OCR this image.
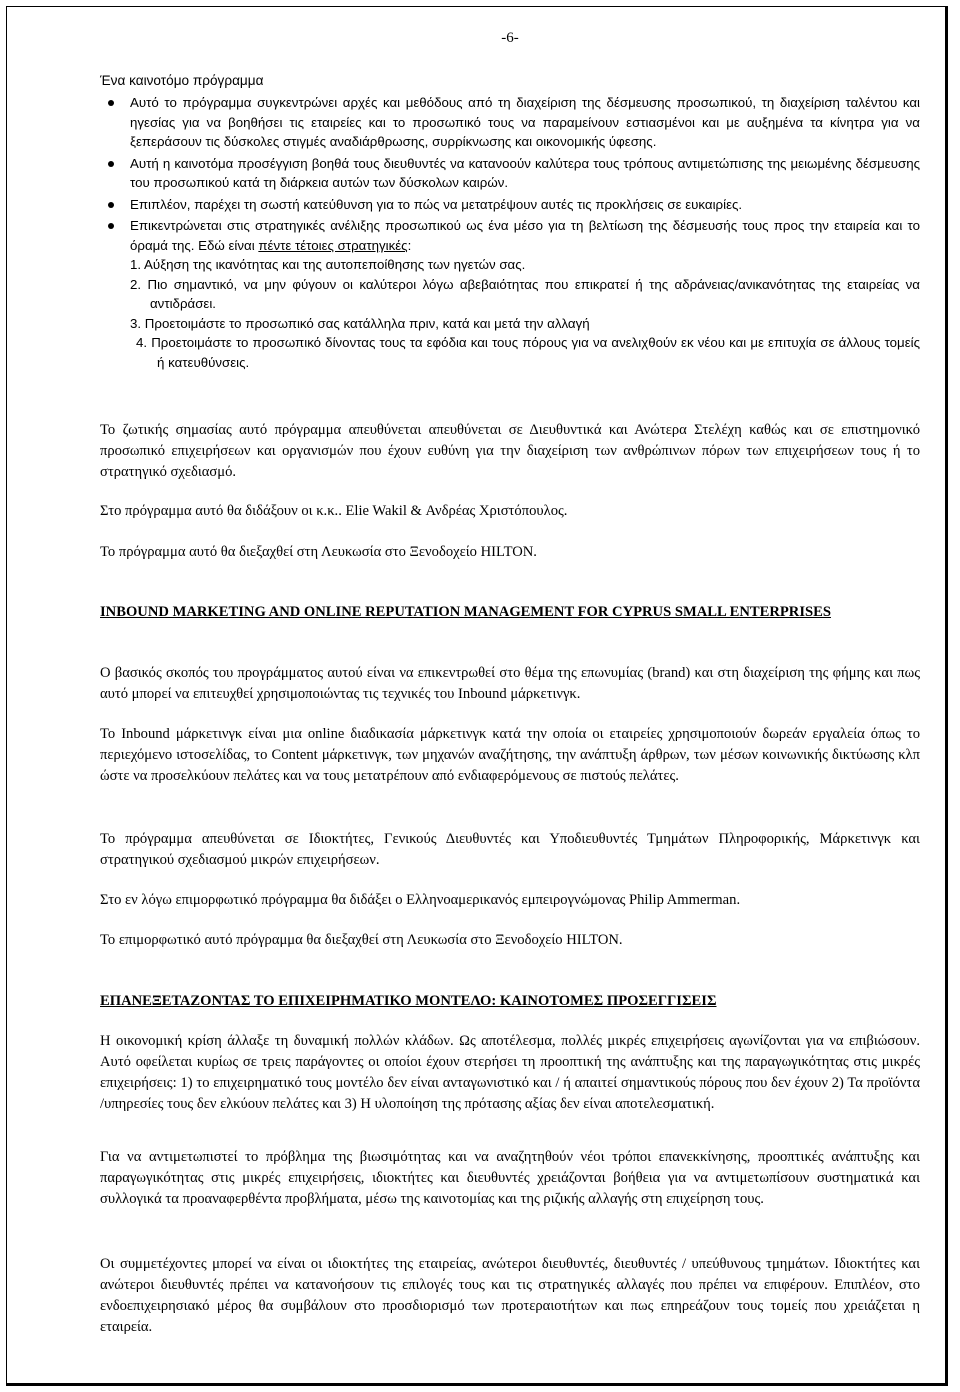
-6-
Ένα καινοτόμο πρόγραμμα
Αυτό το πρόγραμμα συγκεντρώνει αρχές και μεθόδους από τη διαχείριση της δέσμευσης προσωπικού, τη διαχείριση ταλέντου και ηγεσίας για να βοηθήσει τις εταιρείες και το προσωπικό τους να παραμείνουν εστιασμένοι και με αυξημένα τα κίνητρα για να ξεπεράσουν τις δύσκολες στιγμές αναδιάρθρωσης, συρρίκνωσης και οικονομικής ύφεσης.
Αυτή η καινοτόμα προσέγγιση βοηθά τους διευθυντές να κατανοούν καλύτερα τους τρόπους αντιμετώπισης της μειωμένης δέσμευσης του προσωπικού κατά τη διάρκεια αυτών των δύσκολων καιρών.
Επιπλέον, παρέχει τη σωστή κατεύθυνση για το πώς να μετατρέψουν αυτές τις προκλήσεις σε ευκαιρίες.
Επικεντρώνεται στις στρατηγικές ανέλιξης προσωπικού ως ένα μέσο για τη βελτίωση της δέσμευσής τους προς την εταιρεία και το όραμά της. Εδώ είναι πέντε τέτοιες στρατηγικές:
1. Αύξηση της ικανότητας και της αυτοπεποίθησης των ηγετών σας.
2. Πιο σημαντικό, να μην φύγουν οι καλύτεροι λόγω αβεβαιότητας που επικρατεί ή της αδράνειας/ανικανότητας της εταιρείας να αντιδράσει.
3. Προετοιμάστε το προσωπικό σας κατάλληλα πριν, κατά και μετά την αλλαγή
4. Προετοιμάστε το προσωπικό δίνοντας τους τα εφόδια και τους πόρους για να ανελιχθούν εκ νέου και με επιτυχία σε άλλους τομείς ή κατευθύνσεις.
Το ζωτικής σημασίας αυτό πρόγραμμα απευθύνεται απευθύνεται σε Διευθυντικά και Ανώτερα Στελέχη καθώς και σε επιστημονικό προσωπικό επιχειρήσεων και οργανισμών που έχουν ευθύνη για την διαχείριση των ανθρώπινων πόρων των επιχειρήσεων τους ή το στρατηγικό σχεδιασμό.
Στο πρόγραμμα αυτό θα διδάξουν οι κ.κ.. Elie Wakil & Ανδρέας Χριστόπουλος.
Το πρόγραμμα αυτό θα διεξαχθεί στη Λευκωσία στο Ξενοδοχείο HILTON.
INBOUND MARKETING AND ONLINE REPUTATION MANAGEMENT FOR CYPRUS SMALL ENTERPRISES
Ο βασικός σκοπός του προγράμματος αυτού είναι να επικεντρωθεί στο θέμα της επωνυμίας (brand) και στη διαχείριση της φήμης και πως αυτό μπορεί να επιτευχθεί χρησιμοποιώντας τις τεχνικές του Inbound μάρκετινγκ.
Το Inbound μάρκετινγκ είναι μια online διαδικασία μάρκετινγκ κατά την οποία οι εταιρείες χρησιμοποιούν δωρεάν εργαλεία όπως το περιεχόμενο ιστοσελίδας, το Content μάρκετινγκ, των μηχανών αναζήτησης, την ανάπτυξη άρθρων, των μέσων κοινωνικής δικτύωσης κλπ ώστε να προσελκύουν πελάτες και να τους μετατρέπουν από ενδιαφερόμενους σε πιστούς πελάτες.
Το πρόγραμμα απευθύνεται σε Ιδιοκτήτες, Γενικούς Διευθυντές και Υποδιευθυντές Τμημάτων Πληροφορικής, Μάρκετινγκ και στρατηγικού σχεδιασμού μικρών επιχειρήσεων.
Στο εν λόγω επιμορφωτικό πρόγραμμα θα διδάξει ο Ελληνοαμερικανός εμπειρογνώμονας Philip Ammerman.
Το επιμορφωτικό αυτό πρόγραμμα θα διεξαχθεί στη Λευκωσία στο Ξενοδοχείο HILTON.
ΕΠΑΝΕΞΕΤΑΖΟΝΤΑΣ ΤΟ ΕΠΙΧΕΙΡΗΜΑΤΙΚΟ ΜΟΝΤΕΛΟ: ΚΑΙΝΟΤΟΜΕΣ ΠΡΟΣΕΓΓΙΣΕΙΣ
Η οικονομική κρίση άλλαξε τη δυναμική πολλών κλάδων. Ως αποτέλεσμα, πολλές μικρές επιχειρήσεις αγωνίζονται για να επιβιώσουν. Αυτό οφείλεται κυρίως σε τρεις παράγοντες οι οποίοι έχουν στερήσει τη προοπτική της ανάπτυξης και της παραγωγικότητας στις μικρές επιχειρήσεις: 1) το επιχειρηματικό τους μοντέλο δεν είναι ανταγωνιστικό και / ή απαιτεί σημαντικούς πόρους που δεν έχουν 2) Τα προϊόντα /υπηρεσίες τους δεν ελκύουν πελάτες και 3) Η υλοποίηση της πρότασης αξίας δεν είναι αποτελεσματική.
Για να αντιμετωπιστεί το πρόβλημα της βιωσιμότητας και να αναζητηθούν νέοι τρόποι επανεκκίνησης, προοπτικές ανάπτυξης και παραγωγικότητας στις μικρές επιχειρήσεις, ιδιοκτήτες και διευθυντές χρειάζονται βοήθεια για να αντιμετωπίσουν συστηματικά και συλλογικά τα προαναφερθέντα προβλήματα, μέσω της καινοτομίας και της ριζικής αλλαγής στη επιχείρηση τους.
Οι συμμετέχοντες μπορεί να είναι οι ιδιοκτήτες της εταιρείας, ανώτεροι διευθυντές, διευθυντές / υπεύθυνους τμημάτων. Ιδιοκτήτες και ανώτεροι διευθυντές πρέπει να κατανοήσουν τις επιλογές τους και τις στρατηγικές αλλαγές που πρέπει να επιφέρουν. Επιπλέον, στο ενδοεπιχειρησιακό μέρος θα συμβάλουν στο προσδιορισμό των προτεραιοτήτων και πως επηρεάζουν τους τομείς που χρειάζεται η εταιρεία.
